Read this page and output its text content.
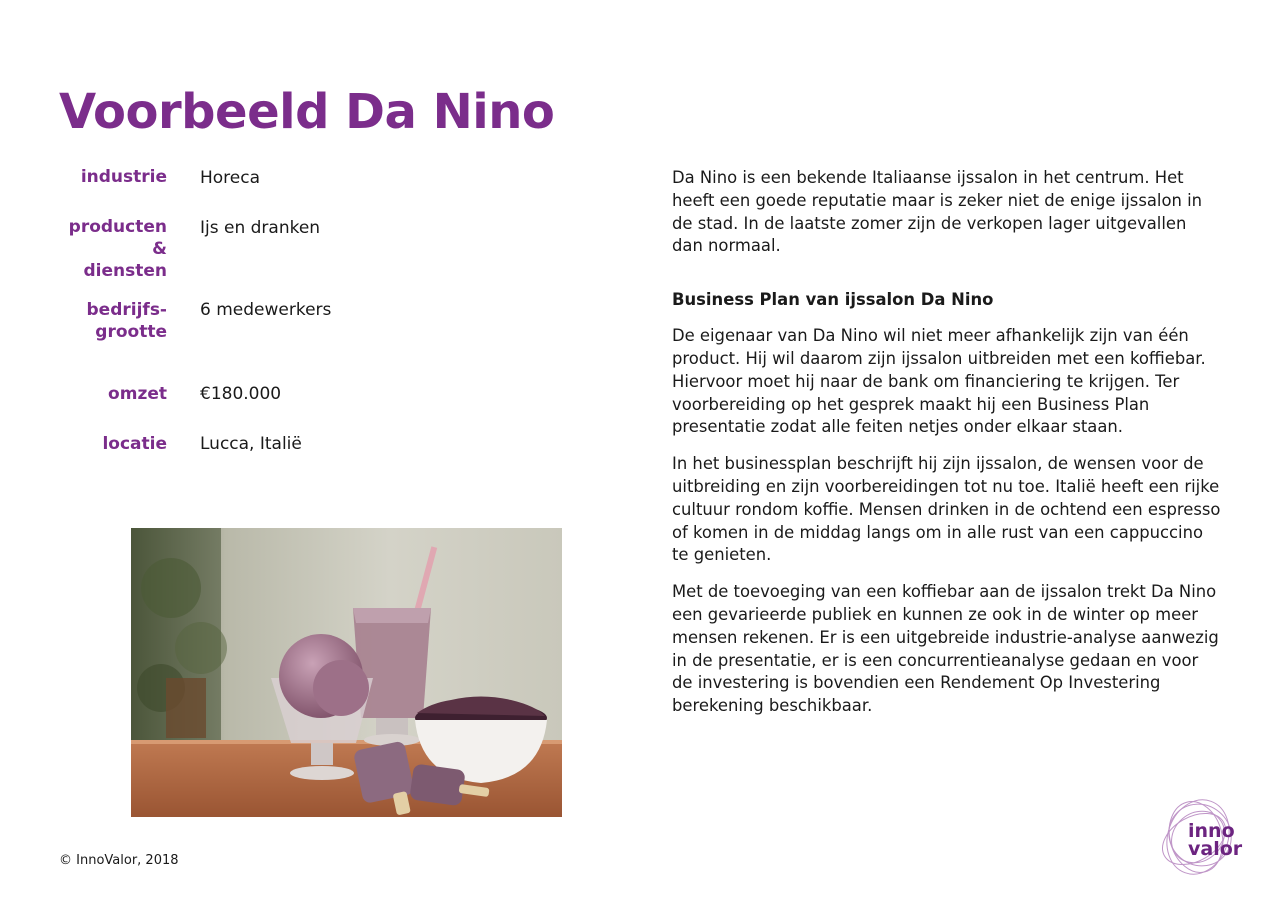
Voorbeeld Da Nino
industrie Horeca
producten &
diensten
Ijs en dranken
bedrijfs-
grootte
6 medewerkers
omzet €180.000
locatie Lucca, Italië

Da Nino is een bekende Italiaanse ijssalon in het centrum. Het heeft een goede reputatie maar is zeker niet de enige ijssalon in de stad. In de laatste zomer zijn de verkopen lager uitgevallen dan normaal.

Business Plan van ijssalon Da Nino

De eigenaar van Da Nino wil niet meer afhankelijk zijn van één product. Hij wil daarom zijn ijssalon uitbreiden met een koffiebar. Hiervoor moet hij naar de bank om financiering te krijgen. Ter voorbereiding op het gesprek maakt hij een Business Plan presentatie zodat alle feiten netjes onder elkaar staan.

In het businessplan beschrijft hij zijn ijssalon, de wensen voor de uitbreiding en zijn voorbereidingen tot nu toe. Italië heeft een rijke cultuur rondom koffie. Mensen drinken in de ochtend een espresso of komen in de middag langs om in alle rust van een cappuccino te genieten.

Met de toevoeging van een koffiebar aan de ijssalon trekt Da Nino een gevarieerde publiek en kunnen ze ook in de winter op meer mensen rekenen. Er is een uitgebreide industrie-analyse aanwezig in de presentatie, er is een concurrentieanalyse gedaan en voor de investering is bovendien een Rendement Op Investering berekening beschikbaar.

© InnoValor, 2018
inno
valor
